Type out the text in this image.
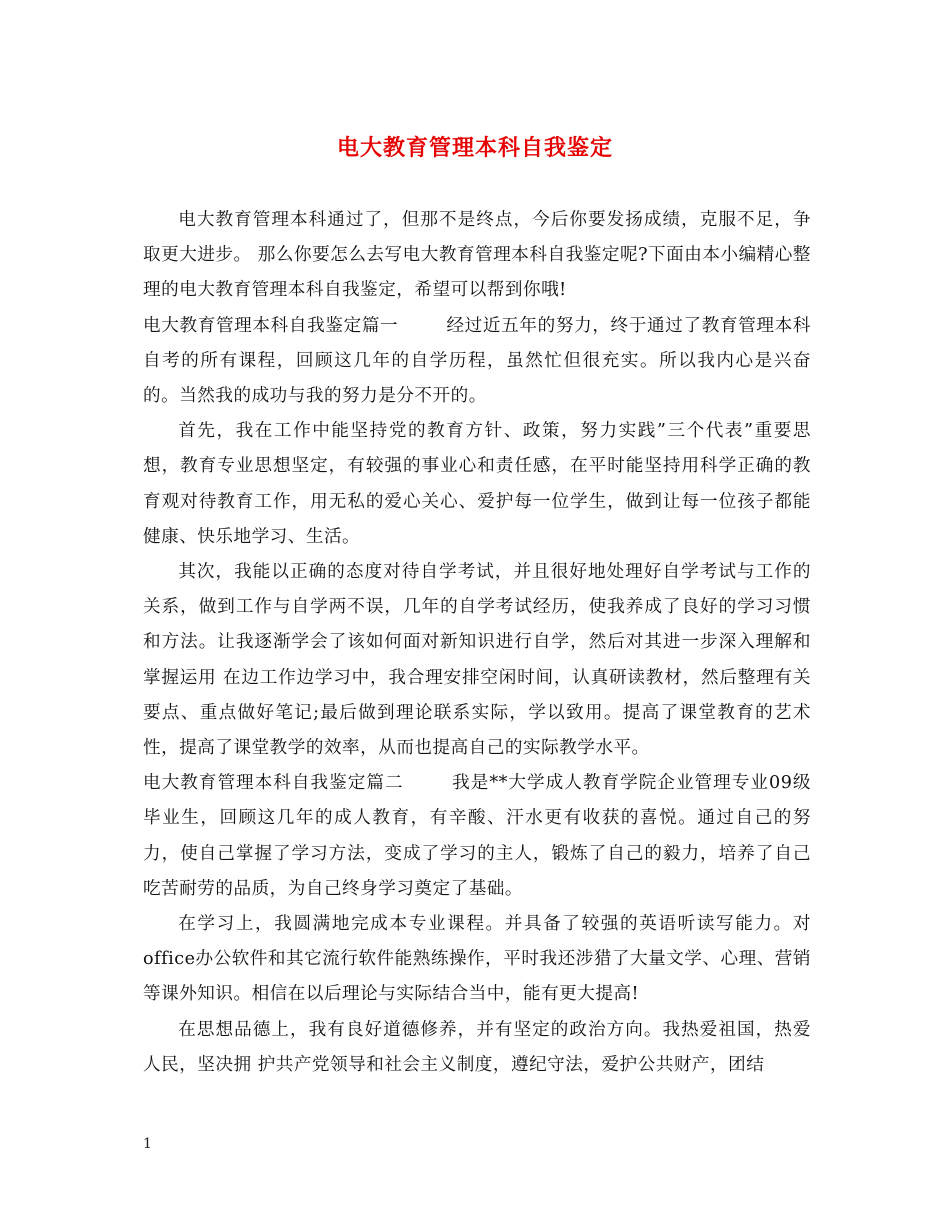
电大教育管理本科自我鉴定

电大教育管理本科通过了，但那不是终点，今后你要发扬成绩，克服不足，争取更大进步。 那么你要怎么去写电大教育管理本科自我鉴定呢?下面由本小编精心整理的电大教育管理本科自我鉴定，希望可以帮到你哦!

电大教育管理本科自我鉴定篇一	经过近五年的努力，终于通过了教育管理本科自考的所有课程，回顾这几年的自学历程，虽然忙但很充实。所以我内心是兴奋的。当然我的成功与我的努力是分不开的。

首先，我在工作中能坚持党的教育方针、政策，努力实践”三个代表”重要思想，教育专业思想坚定，有较强的事业心和责任感，在平时能坚持用科学正确的教育观对待教育工作，用无私的爱心关心、爱护每一位学生，做到让每一位孩子都能健康、快乐地学习、生活。

其次，我能以正确的态度对待自学考试，并且很好地处理好自学考试与工作的关系，做到工作与自学两不误，几年的自学考试经历，使我养成了良好的学习习惯和方法。让我逐渐学会了该如何面对新知识进行自学，然后对其进一步深入理解和掌握运用 在边工作边学习中，我合理安排空闲时间，认真研读教材，然后整理有关要点、重点做好笔记;最后做到理论联系实际，学以致用。提高了课堂教育的艺术性，提高了课堂教学的效率，从而也提高自己的实际教学水平。

电大教育管理本科自我鉴定篇二	我是**大学成人教育学院企业管理专业09级毕业生，回顾这几年的成人教育，有辛酸、汗水更有收获的喜悦。通过自己的努力，使自己掌握了学习方法，变成了学习的主人，锻炼了自己的毅力，培养了自己吃苦耐劳的品质，为自己终身学习奠定了基础。

在学习上，我圆满地完成本专业课程。并具备了较强的英语听读写能力。对office办公软件和其它流行软件能熟练操作，平时我还涉猎了大量文学、心理、营销等课外知识。相信在以后理论与实际结合当中，能有更大提高!

在思想品德上，我有良好道德修养，并有坚定的政治方向。我热爱祖国，热爱人民，坚决拥 护共产党领导和社会主义制度，遵纪守法，爱护公共财产，团结

1
